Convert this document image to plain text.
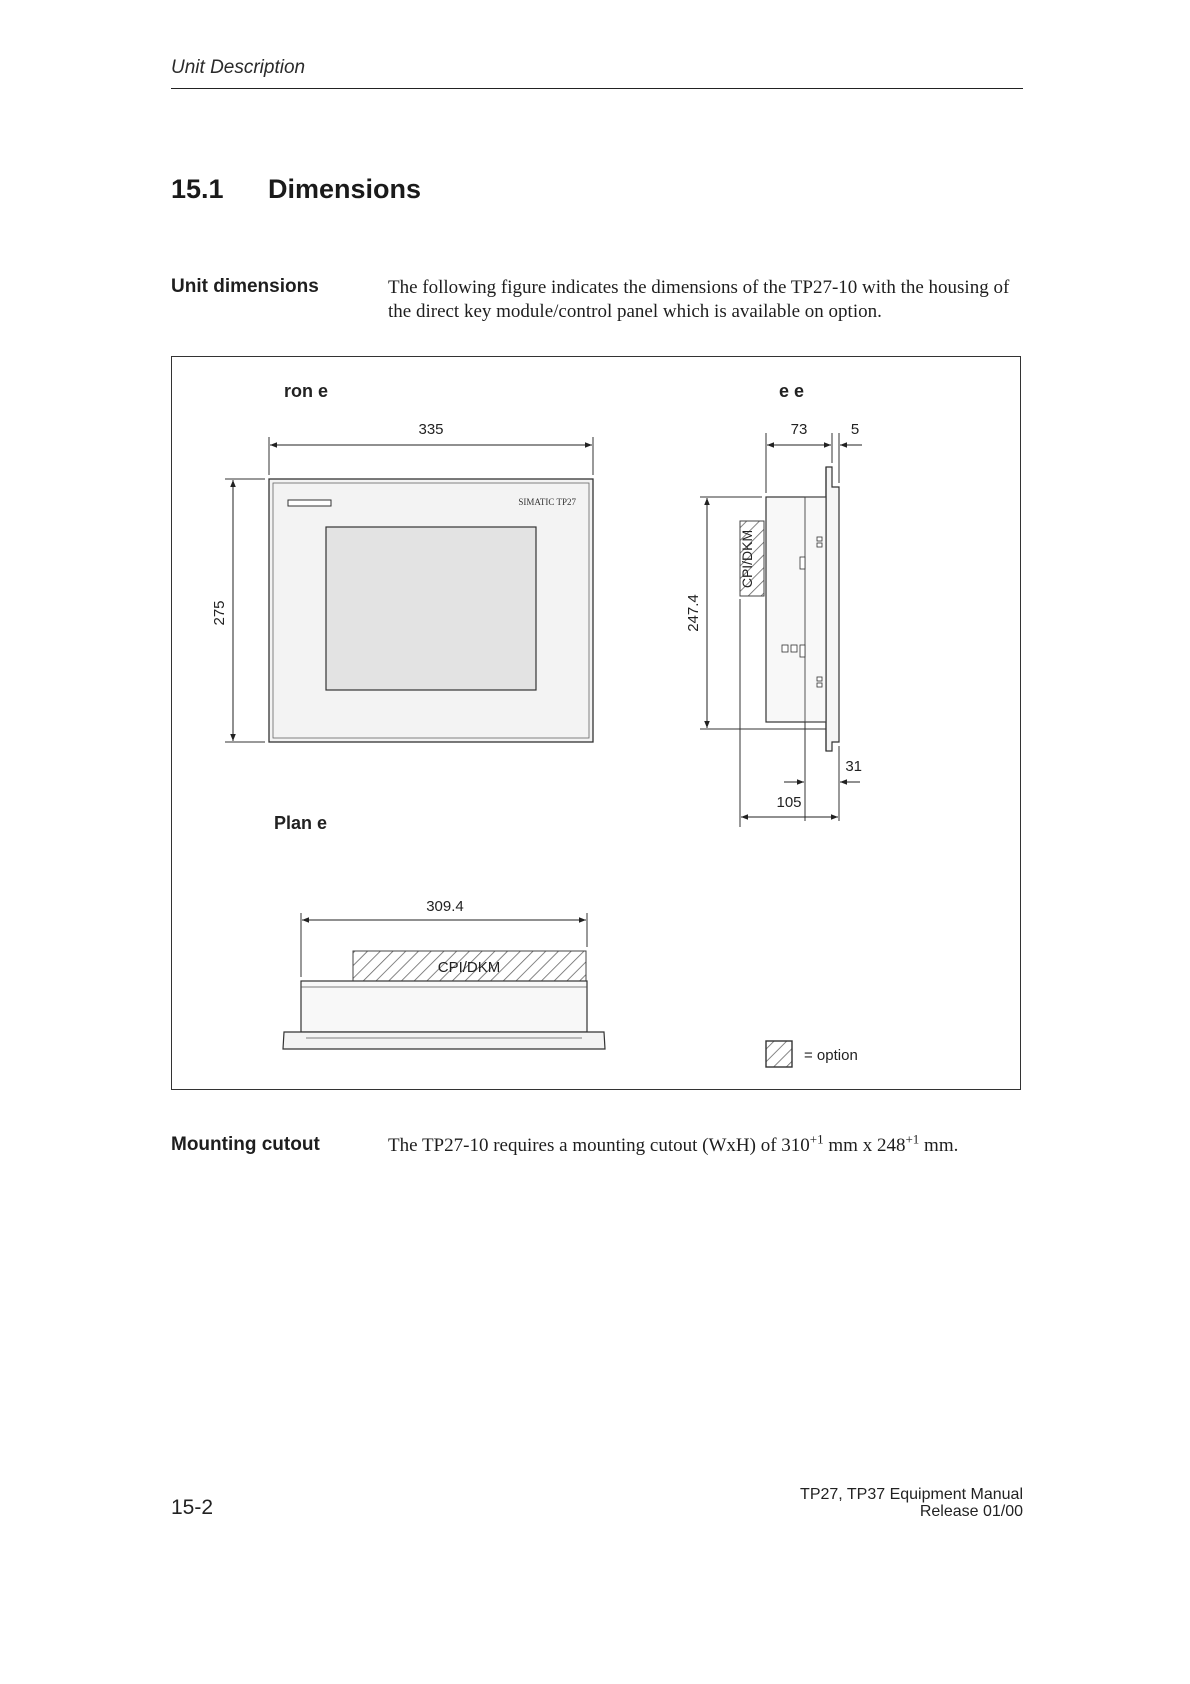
Unit Description
15.1 Dimensions
Unit dimensions	The following figure indicates the dimensions of the TP27-10 with the housing of the direct key module/control panel which is available on option.
ron e	e e
Plan e
SIMATIC TP27
335
275
CPI/DKM
73	5
247.4
31
105
CPI/DKM
309.4
= option
Mounting cutout	The TP27-10 requires a mounting cutout (WxH) of $310^{+1}$ mm x $248^{+1}$ mm.
15-2
TP27, TP37 Equipment Manual
Release 01/00
